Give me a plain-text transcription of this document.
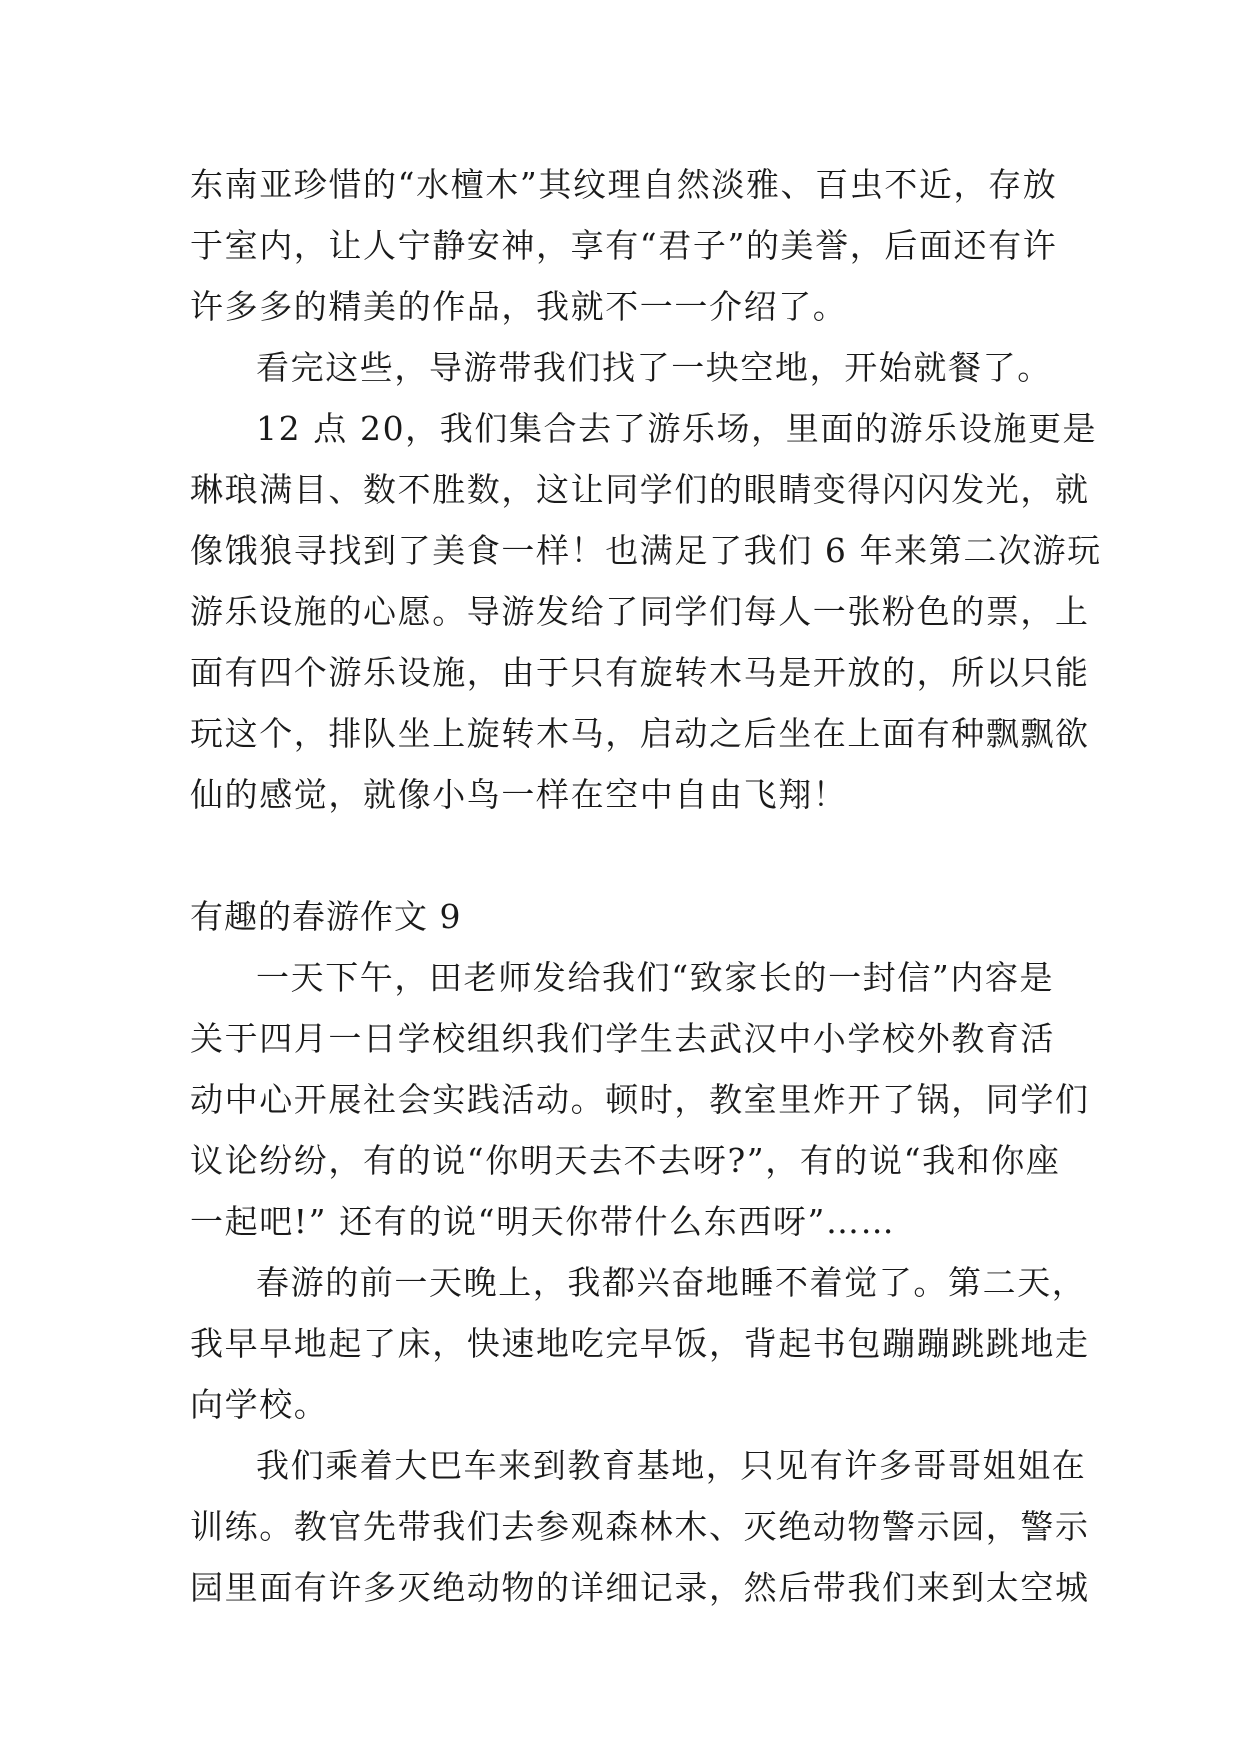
东南亚珍惜的“水檀木”其纹理自然淡雅、百虫不近，存放
于室内，让人宁静安神，享有“君子”的美誉，后面还有许
许多多的精美的作品，我就不一一介绍了。
看完这些，导游带我们找了一块空地，开始就餐了。
12 点 20，我们集合去了游乐场，里面的游乐设施更是
琳琅满目、数不胜数，这让同学们的眼睛变得闪闪发光，就
像饿狼寻找到了美食一样！也满足了我们 6 年来第二次游玩
游乐设施的心愿。导游发给了同学们每人一张粉色的票，上
面有四个游乐设施，由于只有旋转木马是开放的，所以只能
玩这个，排队坐上旋转木马，启动之后坐在上面有种飘飘欲
仙的感觉，就像小鸟一样在空中自由飞翔！
有趣的春游作文 9
一天下午，田老师发给我们“致家长的一封信”内容是
关于四月一日学校组织我们学生去武汉中小学校外教育活
动中心开展社会实践活动。顿时，教室里炸开了锅，同学们
议论纷纷，有的说“你明天去不去呀?”，有的说“我和你座
一起吧!” 还有的说“明天你带什么东西呀”……
春游的前一天晚上，我都兴奋地睡不着觉了。第二天，
我早早地起了床，快速地吃完早饭，背起书包蹦蹦跳跳地走
向学校。
我们乘着大巴车来到教育基地，只见有许多哥哥姐姐在
训练。教官先带我们去参观森林木、灭绝动物警示园，警示
园里面有许多灭绝动物的详细记录，然后带我们来到太空城
